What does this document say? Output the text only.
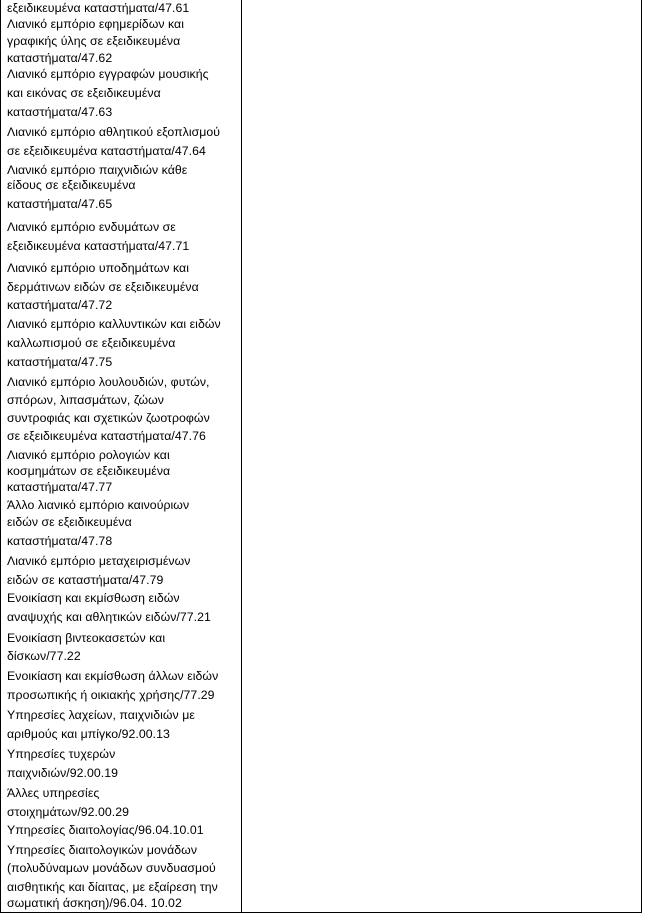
εξειδικευμένα καταστήματα/47.61
Λιανικό εμπόριο εφημερίδων και
γραφικής ύλης σε εξειδικευμένα
καταστήματα/47.62
Λιανικό εμπόριο εγγραφών μουσικής
και εικόνας σε εξειδικευμένα
καταστήματα/47.63
Λιανικό εμπόριο αθλητικού εξοπλισμού
σε εξειδικευμένα καταστήματα/47.64
Λιανικό εμπόριο παιχνιδιών κάθε
είδους σε εξειδικευμένα
καταστήματα/47.65
Λιανικό εμπόριο ενδυμάτων σε
εξειδικευμένα καταστήματα/47.71
Λιανικό εμπόριο υποδημάτων και
δερμάτινων ειδών σε εξειδικευμένα
καταστήματα/47.72
Λιανικό εμπόριο καλλυντικών και ειδών
καλλωπισμού σε εξειδικευμένα
καταστήματα/47.75
Λιανικό εμπόριο λουλουδιών, φυτών,
σπόρων, λιπασμάτων, ζώων
συντροφιάς και σχετικών ζωοτροφών
σε εξειδικευμένα καταστήματα/47.76
Λιανικό εμπόριο ρολογιών και
κοσμημάτων σε εξειδικευμένα
καταστήματα/47.77
Άλλο λιανικό εμπόριο καινούριων
ειδών σε εξειδικευμένα
καταστήματα/47.78
Λιανικό εμπόριο μεταχειρισμένων
ειδών σε καταστήματα/47.79
Ενοικίαση και εκμίσθωση ειδών
αναψυχής και αθλητικών ειδών/77.21
Ενοικίαση βιντεοκασετών και
δίσκων/77.22
Ενοικίαση και εκμίσθωση άλλων ειδών
προσωπικής ή οικιακής χρήσης/77.29
Υπηρεσίες λαχείων, παιχνιδιών με
αριθμούς και μπίγκο/92.00.13
Υπηρεσίες τυχερών
παιχνιδιών/92.00.19
Άλλες υπηρεσίες
στοιχημάτων/92.00.29
Υπηρεσίες διαιτολογίας/96.04.10.01
Υπηρεσίες διαιτολογικών μονάδων
(πολυδύναμων μονάδων συνδυασμού
αισθητικής και δίαιτας, με εξαίρεση την
σωματική άσκηση)/96.04. 10.02
